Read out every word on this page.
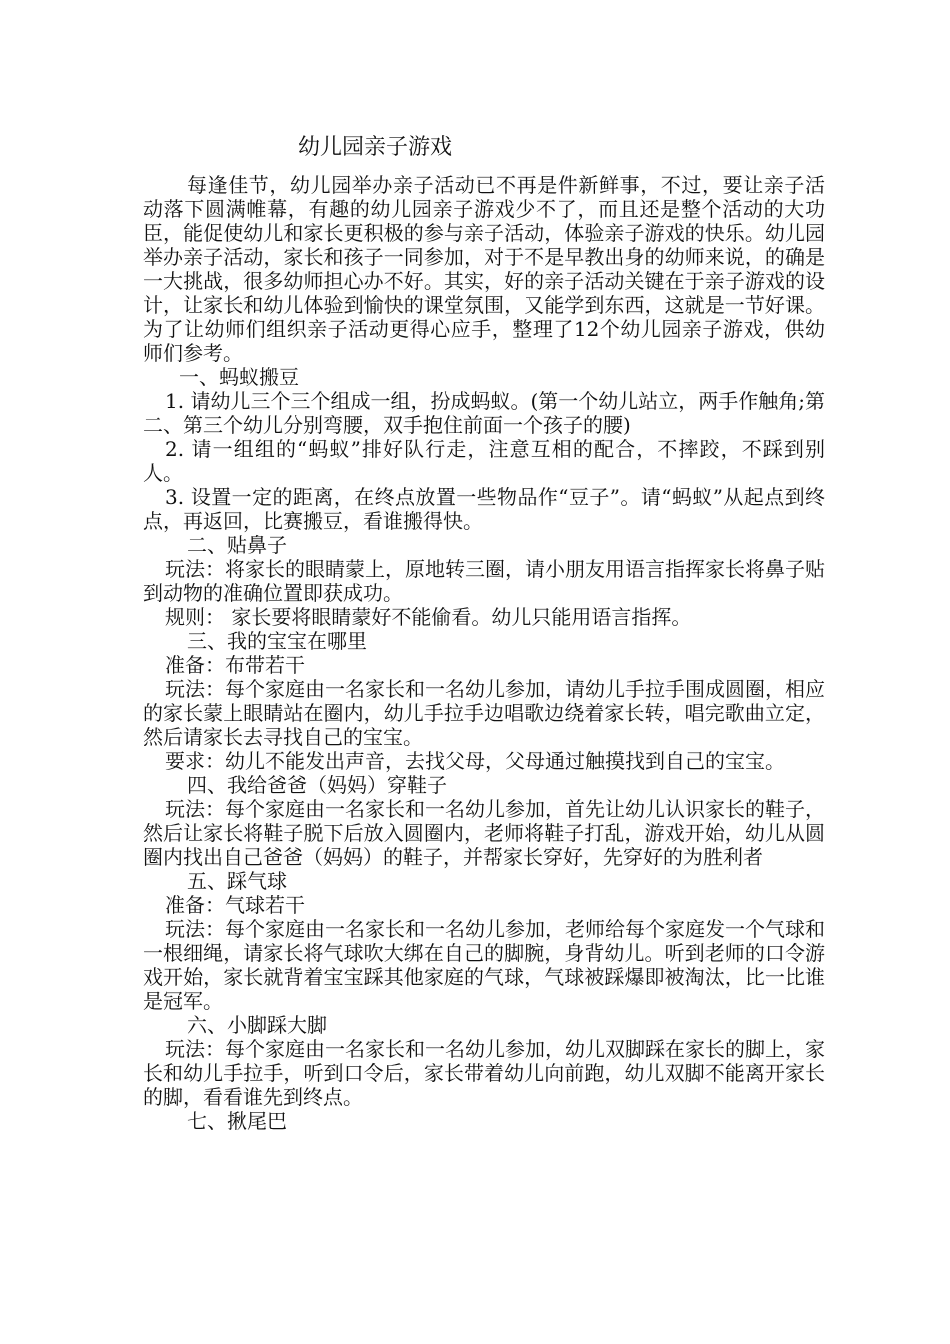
幼儿园亲子游戏

每逢佳节，幼儿园举办亲子活动已不再是件新鲜事，不过，要让亲子活动落下圆满帷幕，有趣的幼儿园亲子游戏少不了，而且还是整个活动的大功臣，能促使幼儿和家长更积极的参与亲子活动，体验亲子游戏的快乐。幼儿园举办亲子活动，家长和孩子一同参加，对于不是早教出身的幼师来说，的确是一大挑战，很多幼师担心办不好。其实，好的亲子活动关键在于亲子游戏的设计，让家长和幼儿体验到愉快的课堂氛围，又能学到东西，这就是一节好课。为了让幼师们组织亲子活动更得心应手，整理了12个幼儿园亲子游戏，供幼师们参考。

一、蚂蚁搬豆

1. 请幼儿三个三个组成一组，扮成蚂蚁。(第一个幼儿站立，两手作触角;第二、第三个幼儿分别弯腰，双手抱住前面一个孩子的腰)

2. 请一组组的“蚂蚁”排好队行走，注意互相的配合，不摔跤，不踩到别人。

3. 设置一定的距离，在终点放置一些物品作“豆子”。请“蚂蚁”从起点到终点，再返回，比赛搬豆，看谁搬得快。

二、贴鼻子

玩法：将家长的眼睛蒙上，原地转三圈，请小朋友用语言指挥家长将鼻子贴到动物的准确位置即获成功。

规则： 家长要将眼睛蒙好不能偷看。幼儿只能用语言指挥。

三、我的宝宝在哪里

准备：布带若干

玩法：每个家庭由一名家长和一名幼儿参加，请幼儿手拉手围成圆圈，相应的家长蒙上眼睛站在圈内，幼儿手拉手边唱歌边绕着家长转，唱完歌曲立定，然后请家长去寻找自己的宝宝。

要求：幼儿不能发出声音，去找父母，父母通过触摸找到自己的宝宝。

四、我给爸爸（妈妈）穿鞋子

玩法：每个家庭由一名家长和一名幼儿参加，首先让幼儿认识家长的鞋子，然后让家长将鞋子脱下后放入圆圈内，老师将鞋子打乱，游戏开始，幼儿从圆圈内找出自己爸爸（妈妈）的鞋子，并帮家长穿好，先穿好的为胜利者

五、踩气球

准备：气球若干

玩法：每个家庭由一名家长和一名幼儿参加，老师给每个家庭发一个气球和一根细绳，请家长将气球吹大绑在自己的脚腕，身背幼儿。听到老师的口令游戏开始，家长就背着宝宝踩其他家庭的气球，气球被踩爆即被淘汰，比一比谁是冠军。

六、小脚踩大脚

玩法：每个家庭由一名家长和一名幼儿参加，幼儿双脚踩在家长的脚上，家长和幼儿手拉手，听到口令后，家长带着幼儿向前跑，幼儿双脚不能离开家长的脚，看看谁先到终点。

七、揪尾巴
